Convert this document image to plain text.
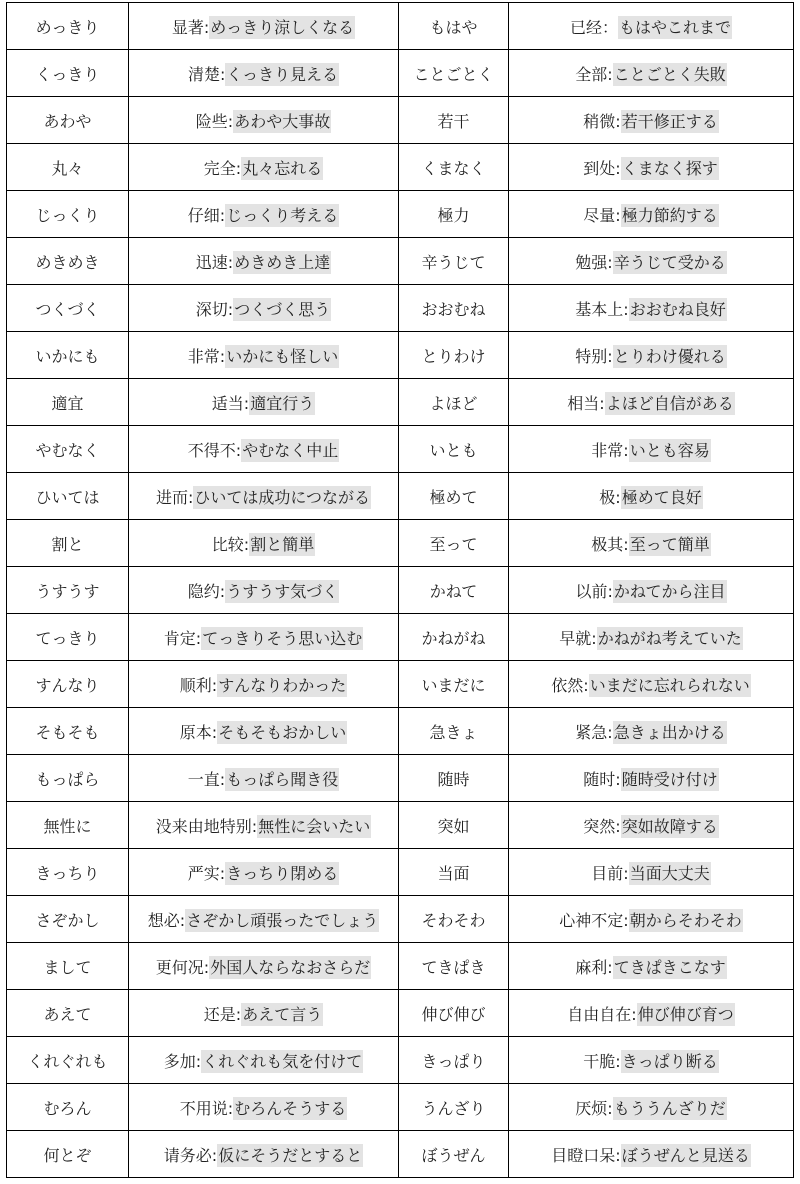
めっきり	显著:めっきり涼しくなる	もはや	已经：もはやこれまで
くっきり	清楚:くっきり見える	ことごとく	全部:ことごとく失敗
あわや	险些:あわや大事故	若干	稍微:若干修正する
丸々	完全:丸々忘れる	くまなく	到处:くまなく探す
じっくり	仔细:じっくり考える	極力	尽量:極力節約する
めきめき	迅速:めきめき上達	辛うじて	勉强:辛うじて受かる
つくづく	深切:つくづく思う	おおむね	基本上:おおむね良好
いかにも	非常:いかにも怪しい	とりわけ	特别:とりわけ優れる
適宜	适当:適宜行う	よほど	相当:よほど自信がある
やむなく	不得不:やむなく中止	いとも	非常:いとも容易
ひいては	进而:ひいては成功につながる	極めて	极:極めて良好
割と	比较:割と簡単	至って	极其:至って簡単
うすうす	隐约:うすうす気づく	かねて	以前:かねてから注目
てっきり	肯定:てっきりそう思い込む	かねがね	早就:かねがね考えていた
すんなり	顺利:すんなりわかった	いまだに	依然:いまだに忘れられない
そもそも	原本:そもそもおかしい	急きょ	紧急:急きょ出かける
もっぱら	一直:もっぱら聞き役	随時	随时:随時受け付け
無性に	没来由地特别:無性に会いたい	突如	突然:突如故障する
きっちり	严实:きっちり閉める	当面	目前:当面大丈夫
さぞかし	想必:さぞかし頑張ったでしょう	そわそわ	心神不定:朝からそわそわ
まして	更何况:外国人ならなおさらだ	てきぱき	麻利:てきぱきこなす
あえて	还是:あえて言う	伸び伸び	自由自在:伸び伸び育つ
くれぐれも	多加:くれぐれも気を付けて	きっぱり	干脆:きっぱり断る
むろん	不用说:むろんそうする	うんざり	厌烦:もううんざりだ
何とぞ	请务必:仮にそうだとすると	ぼうぜん	目瞪口呆:ぼうぜんと見送る
